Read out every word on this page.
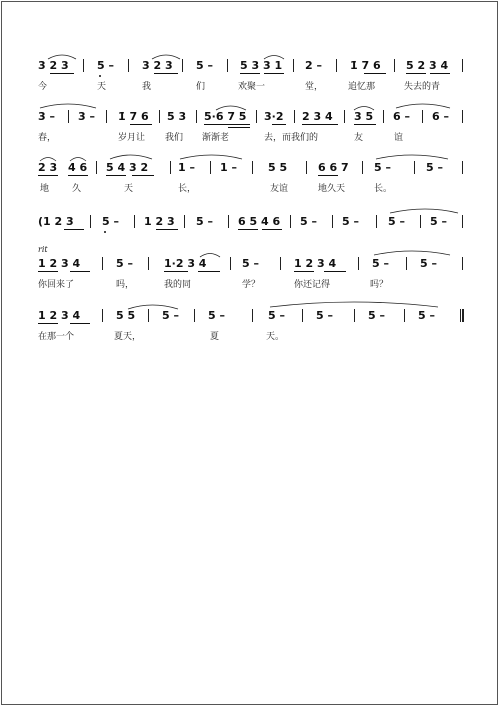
3 2 3	5 –	3 2 3 5 – 5 3 3 1 2 –	1̇ 7 6 5 2 3 4
今	天	我	们	欢聚一	堂，	追忆那	失去的青
3 – 3 – 1̇ 7 6 5 3 5·6 7 5 3·2 2 3 4 3 5 6 – 6 –
春，	岁月让 我们 渐渐老	去，而我们的	友	谊
2 3 4 6 5 4 3 2	1 – 1 –	5 5	6 6 7 5 –	5 –
地	久	天	长，	友谊	地久天	长。
(1 2 3	5 – 1 2 3 5 – 6 5 4 6 5 – 5 –	5 – 5 –
rit
1 2 3 4	5 –	1·2 3 4	5 –	1 2 3 4	5 –	5 –
你回来了	吗，	我的同	学？	你还记得	吗？
1 2 3 4	5 5 5 –	5 –	5 –	5 –	5 –	5 –
在那一个	夏天，	夏	天。
